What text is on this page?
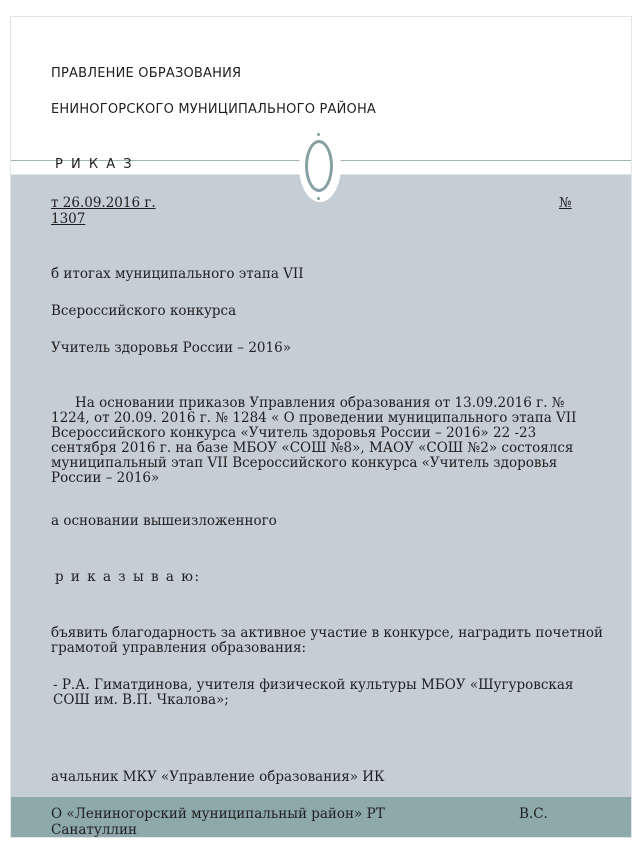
ПРАВЛЕНИЕ ОБРАЗОВАНИЯ
ЕНИНОГОРСКОГО МУНИЦИПАЛЬНОГО РАЙОНА
Р И К А З
т 26.09.2016 г.	№
1307
б итогах муниципального этапа VII
Всероссийского конкурса
Учитель здоровья России – 2016»
На основании приказов Управления образования от 13.09.2016 г. № 1224, от 20.09. 2016 г. № 1284 « О проведении муниципального этапа VII Всероссийского конкурса «Учитель здоровья России – 2016» 22 -23 сентября 2016 г. на базе МБОУ «СОШ №8», МАОУ «СОШ №2» состоялся муниципальный этап VII Всероссийского конкурса «Учитель здоровья России – 2016»
а основании вышеизложенного
р и к а з ы в а ю:
бъявить благодарность за активное участие в конкурсе, наградить почетной грамотой управления образования:
- Р.А. Гиматдинова, учителя физической культуры МБОУ «Шугуровская СОШ им. В.П. Чкалова»;
ачальник МКУ «Управление образования» ИК
О «Лениногорский муниципальный район» РТ	В.С.
Санатуллин
